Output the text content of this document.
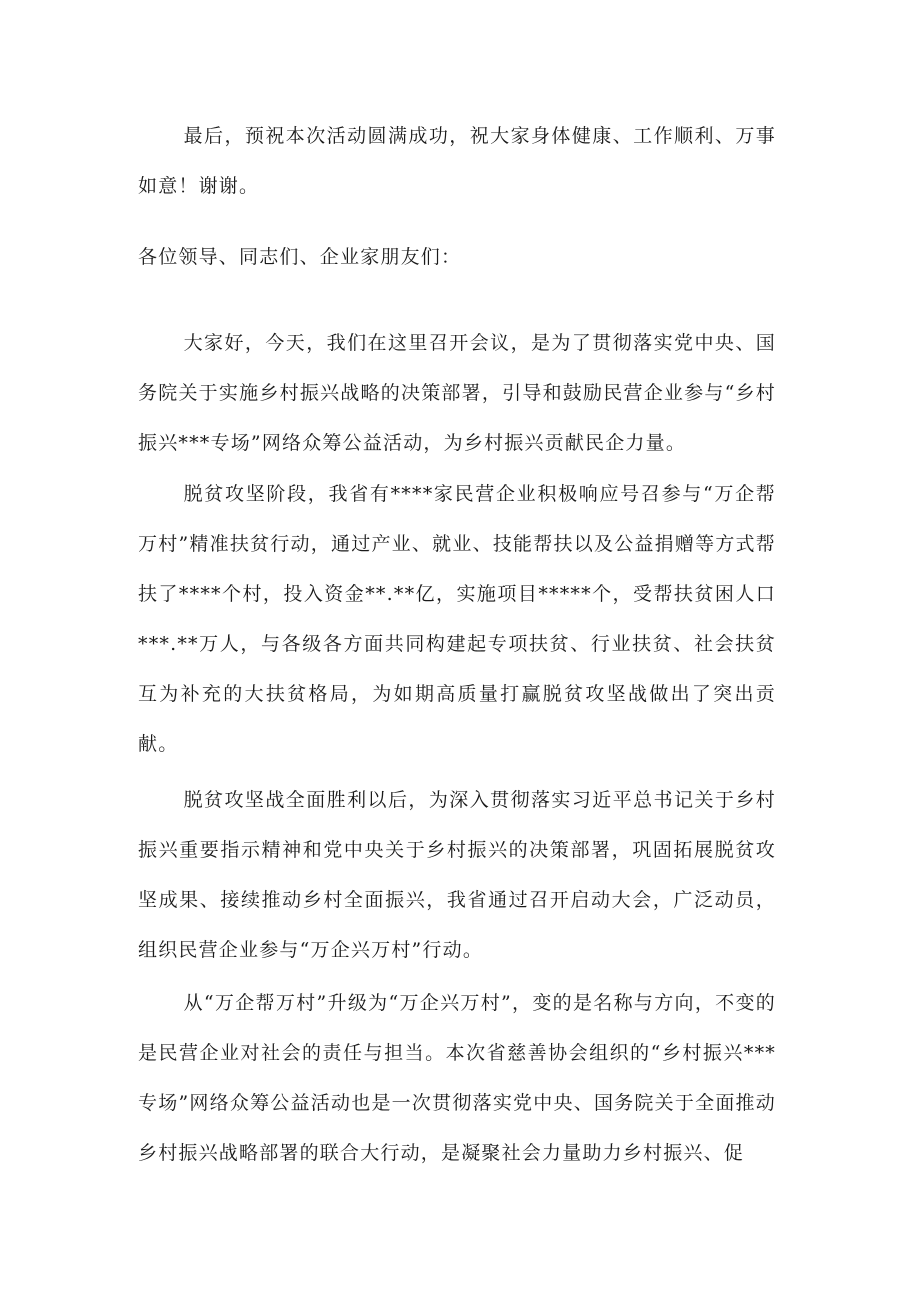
最后，预祝本次活动圆满成功，祝大家身体健康、工作顺利、万事如意！谢谢。

各位领导、同志们、企业家朋友们：

大家好，今天，我们在这里召开会议，是为了贯彻落实党中央、国务院关于实施乡村振兴战略的决策部署，引导和鼓励民营企业参与“乡村振兴***专场”网络众筹公益活动，为乡村振兴贡献民企力量。

脱贫攻坚阶段，我省有****家民营企业积极响应号召参与“万企帮万村”精准扶贫行动，通过产业、就业、技能帮扶以及公益捐赠等方式帮扶了****个村，投入资金**.**亿，实施项目*****个，受帮扶贫困人口***.**万人，与各级各方面共同构建起专项扶贫、行业扶贫、社会扶贫互为补充的大扶贫格局，为如期高质量打赢脱贫攻坚战做出了突出贡献。

脱贫攻坚战全面胜利以后，为深入贯彻落实习近平总书记关于乡村振兴重要指示精神和党中央关于乡村振兴的决策部署，巩固拓展脱贫攻坚成果、接续推动乡村全面振兴，我省通过召开启动大会，广泛动员，组织民营企业参与“万企兴万村”行动。

从“万企帮万村”升级为“万企兴万村”，变的是名称与方向，不变的是民营企业对社会的责任与担当。本次省慈善协会组织的“乡村振兴***专场”网络众筹公益活动也是一次贯彻落实党中央、国务院关于全面推动乡村振兴战略部署的联合大行动，是凝聚社会力量助力乡村振兴、促
